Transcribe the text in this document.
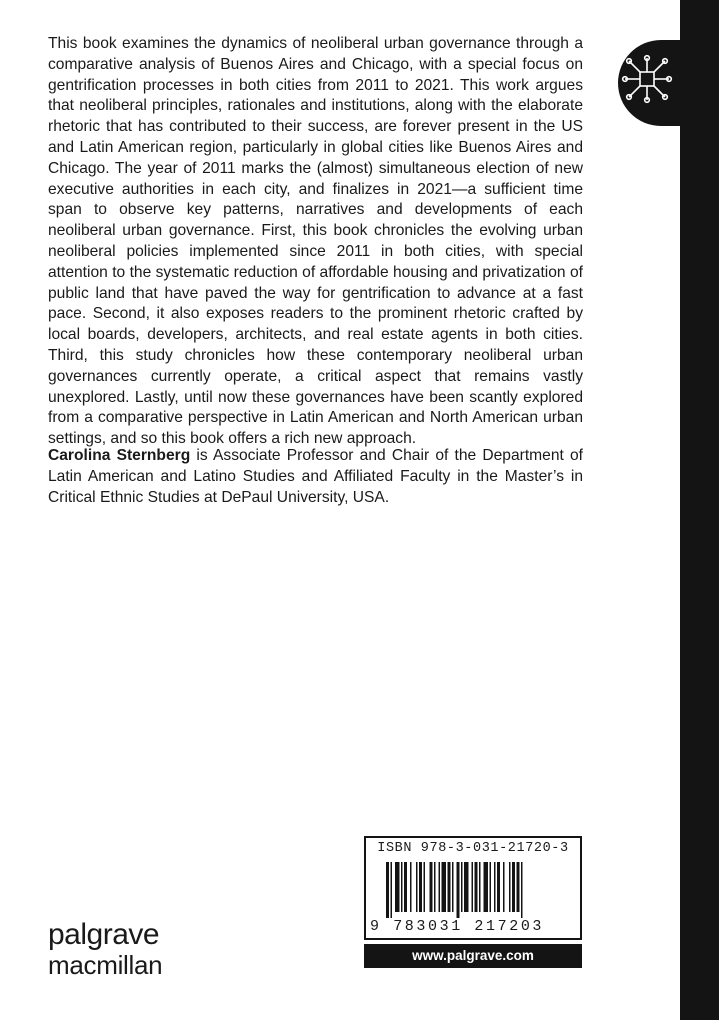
This book examines the dynamics of neoliberal urban governance through a comparative analysis of Buenos Aires and Chicago, with a special focus on gentrification processes in both cities from 2011 to 2021. This work argues that neoliberal principles, rationales and institutions, along with the elaborate rhetoric that has contributed to their success, are forever present in the US and Latin American region, particularly in global cities like Buenos Aires and Chicago. The year of 2011 marks the (almost) simultaneous election of new executive authorities in each city, and finalizes in 2021—a sufficient time span to observe key patterns, narratives and developments of each neoliberal urban governance. First, this book chronicles the evolving urban neoliberal policies implemented since 2011 in both cities, with special attention to the systematic reduction of affordable housing and privatization of public land that have paved the way for gentrification to advance at a fast pace. Second, it also exposes readers to the prominent rhetoric crafted by local boards, developers, architects, and real estate agents in both cities. Third, this study chronicles how these contemporary neoliberal urban governances currently operate, a critical aspect that remains vastly unexplored. Lastly, until now these governances have been scantly explored from a comparative perspective in Latin American and North American urban settings, and so this book offers a rich new approach.

Carolina Sternberg is Associate Professor and Chair of the Department of Latin American and Latino Studies and Affiliated Faculty in the Master’s in Critical Ethnic Studies at DePaul University, USA.

palgrave
macmillan
ISBN 978-3-031-21720-3
9 783031 217203
www.palgrave.com
